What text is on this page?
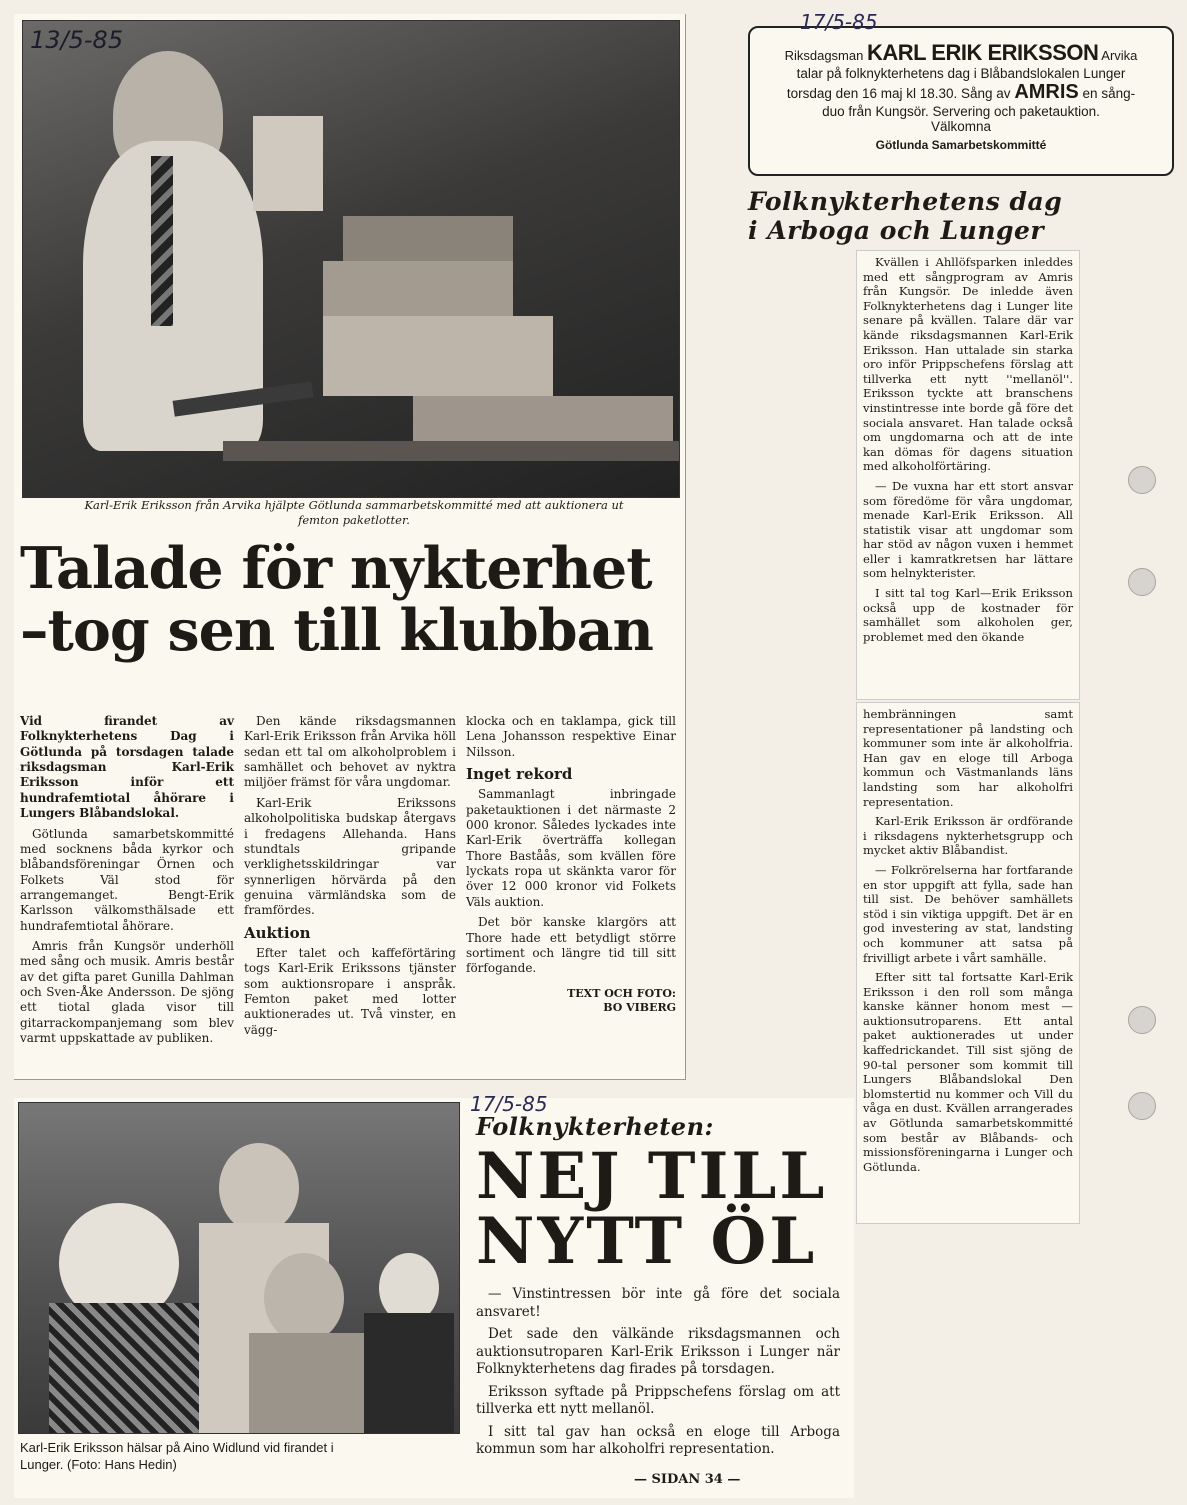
Karl-Erik Eriksson från Arvika hjälpte Götlunda sammarbetskommitté med att auktionera ut femton paketlotter.
Talade för nykterhet
–tog sen till klubban

Vid firandet av Folknykterhetens Dag i Götlunda på torsdagen talade riksdagsman Karl-Erik Eriksson inför ett hundrafemtiotal åhörare i Lungers Blåbandslokal.

Götlunda samarbetskommitté med socknens båda kyrkor och blåbandsföreningar Örnen och Folkets Väl stod för arrangemanget. Bengt-Erik Karlsson välkomsthälsade ett hundrafemtiotal åhörare.

Amris från Kungsör underhöll med sång och musik. Amris består av det gifta paret Gunilla Dahlman och Sven-Åke Andersson. De sjöng ett tiotal glada visor till gitarrackompanjemang som blev varmt uppskattade av publiken.

Den kände riksdagsmannen Karl-Erik Eriksson från Arvika höll sedan ett tal om alkoholproblem i samhället och behovet av nyktra miljöer främst för våra ungdomar.

Karl-Erik Erikssons alkoholpolitiska budskap återgavs i fredagens Allehanda. Hans stundtals gripande verklighetsskildringar var synnerligen hörvärda på den genuina värmländska som de framfördes.

Auktion

Efter talet och kaffeförtäring togs Karl-Erik Erikssons tjänster som auktionsropare i anspråk. Femton paket med lotter auktionerades ut. Två vinster, en vägg-

klocka och en taklampa, gick till Lena Johansson respektive Einar Nilsson.

Inget rekord

Sammanlagt inbringade paketauktionen i det närmaste 2 000 kronor. Således lyckades inte Karl-Erik överträffa kollegan Thore Baståås, som kvällen före lyckats ropa ut skänkta varor för över 12 000 kronor vid Folkets Väls auktion.

Det bör kanske klargörs att Thore hade ett betydligt större sortiment och längre tid till sitt förfogande.

TEXT OCH FOTO:
BO VIBERG
13/5-85
Riksdagsman KARL ERIK ERIKSSON Arvika
talar på folknykterhetens dag i Blåbandslokalen Lunger
torsdag den 16 maj kl 18.30. Sång av AMRIS en sång-
duo från Kungsör. Servering och paketauktion.
Välkomna
Götlunda Samarbetskommitté
17/5-85
Folknykterhetens dag
i Arboga och Lunger

Kvällen i Ahllöfsparken inleddes med ett sångprogram av Amris från Kungsör. De inledde även Folknykterhetens dag i Lunger lite senare på kvällen. Talare där var kände riksdagsmannen Karl-Erik Eriksson. Han uttalade sin starka oro inför Prippschefens förslag att tillverka ett nytt ''mellanöl''. Eriksson tyckte att branschens vinstintresse inte borde gå före det sociala ansvaret. Han talade också om ungdomarna och att de inte kan dömas för dagens situation med alkoholförtäring.

— De vuxna har ett stort ansvar som föredöme för våra ungdomar, menade Karl-Erik Eriksson. All statistik visar att ungdomar som har stöd av någon vuxen i hemmet eller i kamratkretsen har lättare som helnykterister.

I sitt tal tog Karl—Erik Eriksson också upp de kostnader för samhället som alkoholen ger, problemet med den ökande

hembränningen samt representationer på landsting och kommuner som inte är alkoholfria. Han gav en eloge till Arboga kommun och Västmanlands läns landsting som har alkoholfri representation.

Karl-Erik Eriksson är ordförande i riksdagens nykterhetsgrupp och mycket aktiv Blåbandist.

— Folkrörelserna har fortfarande en stor uppgift att fylla, sade han till sist. De behöver samhällets stöd i sin viktiga uppgift. Det är en god investering av stat, landsting och kommuner att satsa på frivilligt arbete i vårt samhälle.

Efter sitt tal fortsatte Karl-Erik Eriksson i den roll som många kanske känner honom mest — auktionsutroparens. Ett antal paket auktionerades ut under kaffedrickandet. Till sist sjöng de 90-tal personer som kommit till Lungers Blåbandslokal Den blomstertid nu kommer och Vill du våga en dust. Kvällen arrangerades av Götlunda samarbetskommitté som består av Blåbands- och missionsföreningarna i Lunger och Götlunda.

Karl-Erik Eriksson hälsar på Aino Widlund vid firandet i
Lunger. (Foto: Hans Hedin)
Folknykterheten:
NEJ TILL
NYTT ÖL

— Vinstintressen bör inte gå före det sociala ansvaret!

Det sade den välkände riksdagsmannen och auktionsutroparen Karl-Erik Eriksson i Lunger när Folknykterhetens dag firades på torsdagen.

Eriksson syftade på Prippschefens förslag om att tillverka ett nytt mellanöl.

I sitt tal gav han också en eloge till Arboga kommun som har alkoholfri representation.

— SIDAN 34 —
17/5-85
